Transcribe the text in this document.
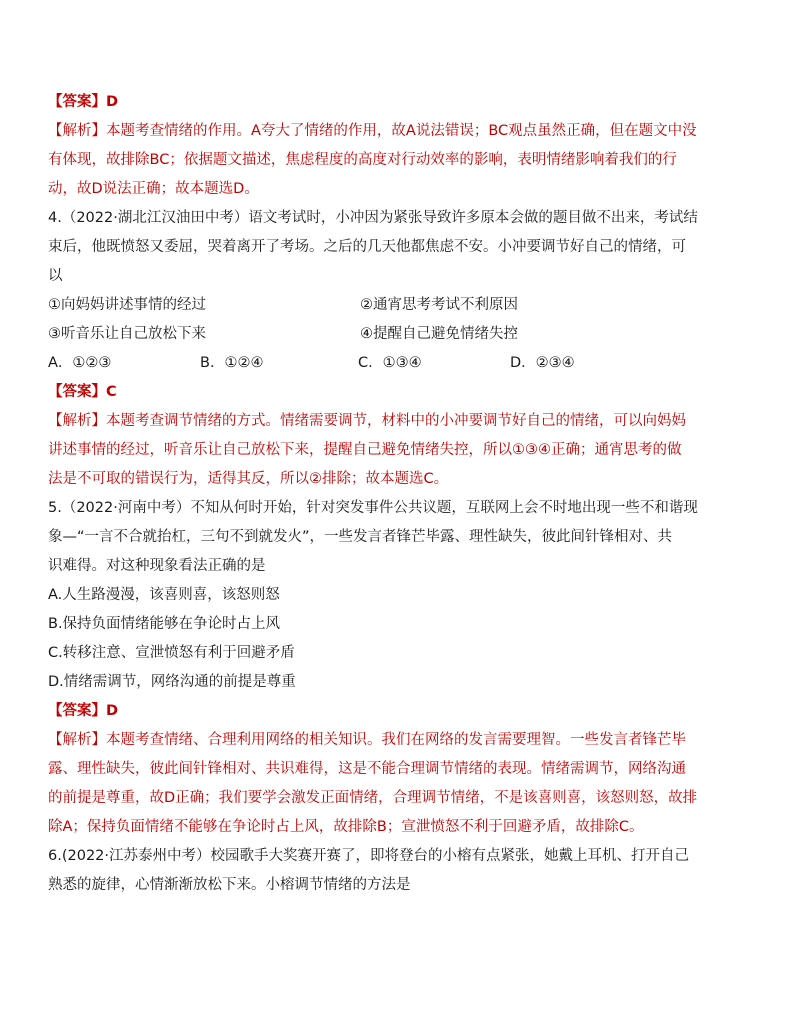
【答案】D
【解析】本题考查情绪的作用。A夸大了情绪的作用，故A说法错误；BC观点虽然正确，但在题文中没
有体现，故排除BC；依据题文描述，焦虑程度的高度对行动效率的影响，表明情绪影响着我们的行
动，故D说法正确；故本题选D。
4.（2022·湖北江汉油田中考）语文考试时，小冲因为紧张导致许多原本会做的题目做不出来，考试结
束后，他既愤怒又委屈，哭着离开了考场。之后的几天他都焦虑不安。小冲要调节好自己的情绪，可
以
①向妈妈讲述事情的经过	②通宵思考考试不利原因
③听音乐让自己放松下来	④提醒自己避免情绪失控
A．①②③	B．①②④	C．①③④	D．②③④
【答案】C
【解析】本题考查调节情绪的方式。情绪需要调节，材料中的小冲要调节好自己的情绪，可以向妈妈
讲述事情的经过，听音乐让自己放松下来，提醒自己避免情绪失控，所以①③④正确；通宵思考的做
法是不可取的错误行为，适得其反，所以②排除；故本题选C。
5.（2022·河南中考）不知从何时开始，针对突发事件公共议题，互联网上会不时地出现一些不和谐现
象—“一言不合就抬杠，三句不到就发火”，一些发言者锋芒毕露、理性缺失，彼此间针锋相对、共
识难得。对这种现象看法正确的是
A.人生路漫漫，该喜则喜，该怒则怒
B.保持负面情绪能够在争论时占上风
C.转移注意、宣泄愤怒有利于回避矛盾
D.情绪需调节，网络沟通的前提是尊重
【答案】D
【解析】本题考查情绪、合理利用网络的相关知识。我们在网络的发言需要理智。一些发言者锋芒毕
露、理性缺失，彼此间针锋相对、共识难得，这是不能合理调节情绪的表现。情绪需调节，网络沟通
的前提是尊重，故D正确；我们要学会激发正面情绪，合理调节情绪，不是该喜则喜，该怒则怒，故排
除A；保持负面情绪不能够在争论时占上风，故排除B；宣泄愤怒不利于回避矛盾，故排除C。
6.(2022·江苏泰州中考）校园歌手大奖赛开赛了，即将登台的小榕有点紧张，她戴上耳机、打开自己
熟悉的旋律，心情渐渐放松下来。小榕调节情绪的方法是
